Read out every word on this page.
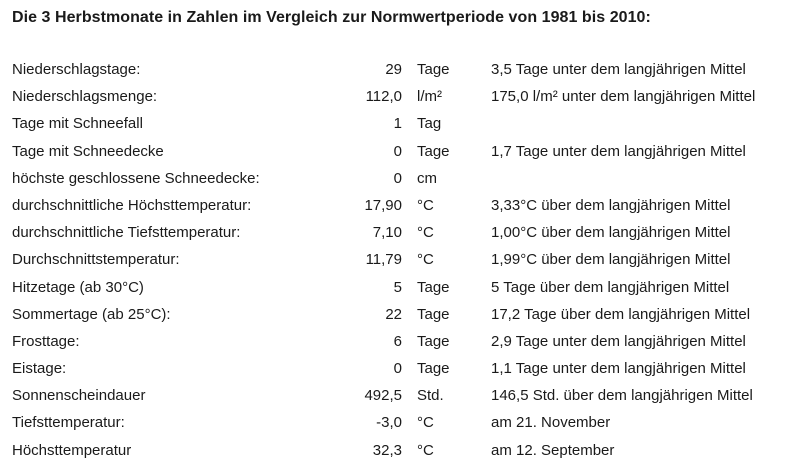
Die 3 Herbstmonate in Zahlen im Vergleich zur Normwertperiode von 1981 bis 2010:
Niederschlagstage:	29 Tage	3,5 Tage unter dem langjährigen Mittel
Niederschlagsmenge:	112,0 l/m²	175,0 l/m² unter dem langjährigen Mittel
Tage mit Schneefall	1 Tag
Tage mit Schneedecke	0 Tage	1,7 Tage unter dem langjährigen Mittel
höchste geschlossene Schneedecke:	0 cm
durchschnittliche Höchsttemperatur:	17,90 °C	3,33°C über dem langjährigen Mittel
durchschnittliche Tiefsttemperatur:	7,10 °C	1,00°C über dem langjährigen Mittel
Durchschnittstemperatur:	11,79 °C	1,99°C über dem langjährigen Mittel
Hitzetage (ab 30°C)	5 Tage	5 Tage über dem langjährigen Mittel
Sommertage (ab 25°C):	22 Tage	17,2 Tage über dem langjährigen Mittel
Frosttage:	6 Tage	2,9 Tage unter dem langjährigen Mittel
Eistage:	0 Tage	1,1 Tage unter dem langjährigen Mittel
Sonnenscheindauer	492,5 Std.	146,5 Std. über dem langjährigen Mittel
Tiefsttemperatur:	-3,0 °C	am 21. November
Höchsttemperatur	32,3 °C	am 12. September
